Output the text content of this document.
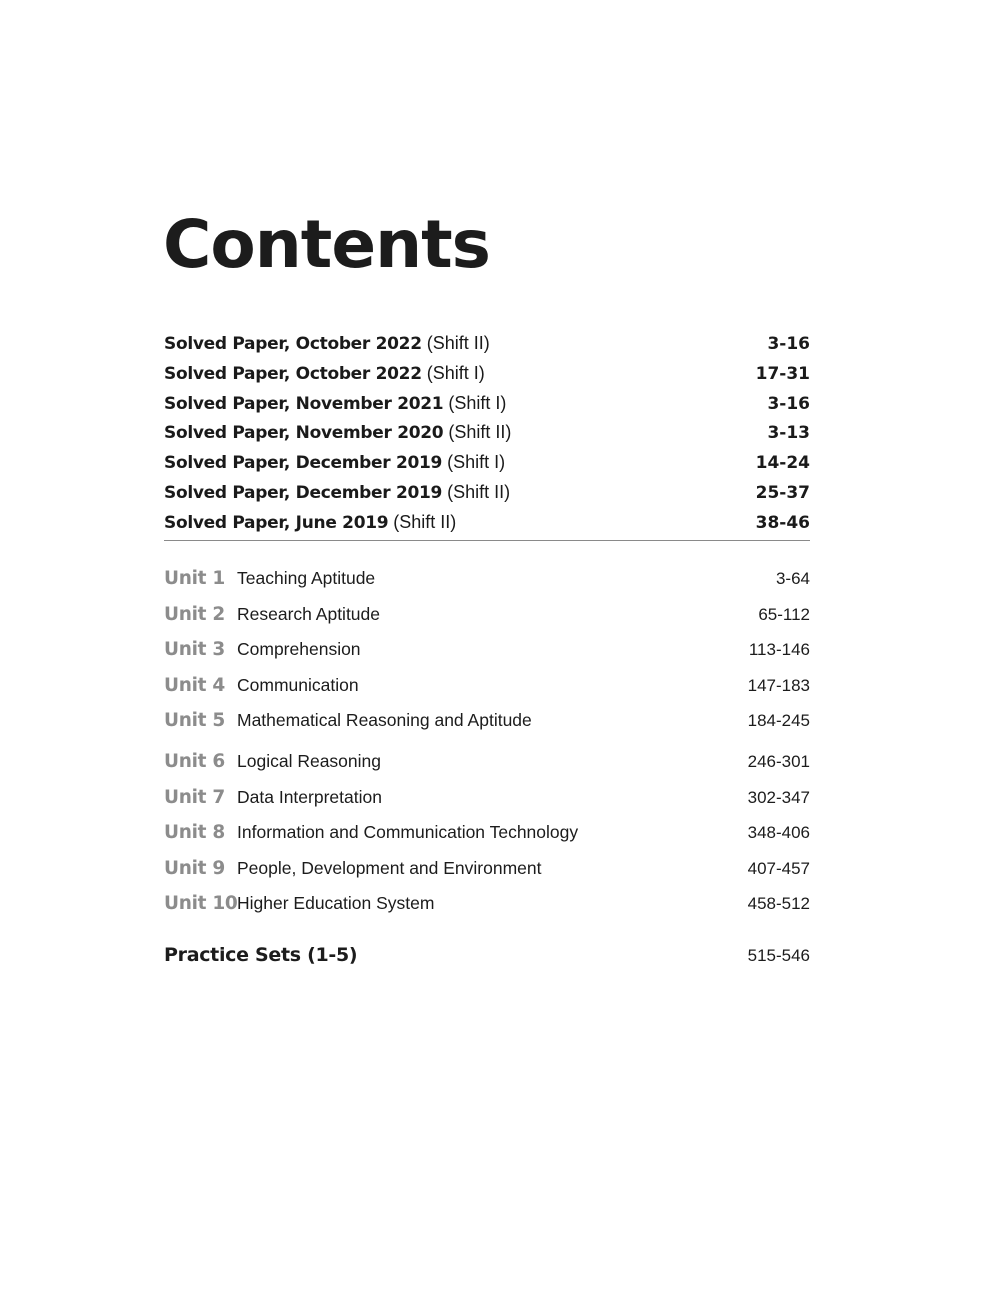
Contents
Solved Paper, October 2022 (Shift II)	3-16
Solved Paper, October 2022 (Shift I)	17-31
Solved Paper, November 2021 (Shift I)	3-16
Solved Paper, November 2020 (Shift II)	3-13
Solved Paper, December 2019 (Shift I)	14-24
Solved Paper, December 2019 (Shift II)	25-37
Solved Paper, June 2019 (Shift II)	38-46
Unit 1 Teaching Aptitude	3-64
Unit 2 Research Aptitude	65-112
Unit 3 Comprehension	113-146
Unit 4 Communication	147-183
Unit 5 Mathematical Reasoning and Aptitude	184-245
Unit 6 Logical Reasoning	246-301
Unit 7 Data Interpretation	302-347
Unit 8 Information and Communication Technology	348-406
Unit 9 People, Development and Environment	407-457
Unit 10 Higher Education System	458-512
Practice Sets (1-5)	515-546
